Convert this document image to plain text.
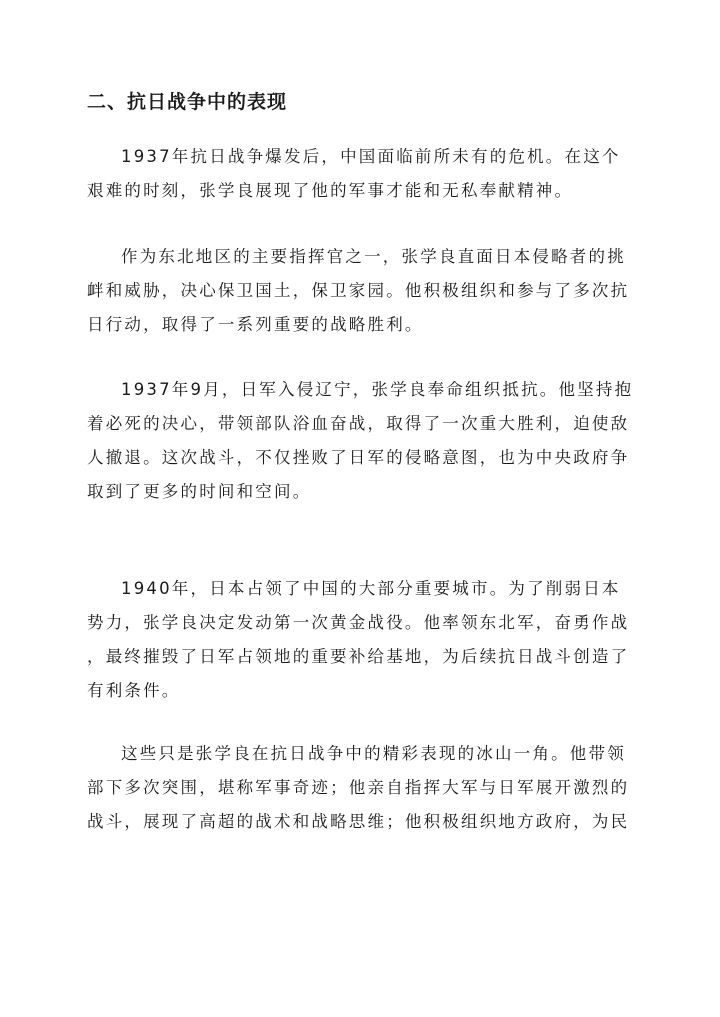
二、抗日战争中的表现
1937年抗日战争爆发后，中国面临前所未有的危机。在这个
艰难的时刻，张学良展现了他的军事才能和无私奉献精神。
作为东北地区的主要指挥官之一，张学良直面日本侵略者的挑
衅和威胁，决心保卫国土，保卫家园。他积极组织和参与了多次抗
日行动，取得了一系列重要的战略胜利。
1937年9月，日军入侵辽宁，张学良奉命组织抵抗。他坚持抱
着必死的决心，带领部队浴血奋战，取得了一次重大胜利，迫使敌
人撤退。这次战斗，不仅挫败了日军的侵略意图，也为中央政府争
取到了更多的时间和空间。
1940年，日本占领了中国的大部分重要城市。为了削弱日本
势力，张学良决定发动第一次黄金战役。他率领东北军，奋勇作战
，最终摧毁了日军占领地的重要补给基地，为后续抗日战斗创造了
有利条件。
这些只是张学良在抗日战争中的精彩表现的冰山一角。他带领
部下多次突围，堪称军事奇迹；他亲自指挥大军与日军展开激烈的
战斗，展现了高超的战术和战略思维；他积极组织地方政府，为民
